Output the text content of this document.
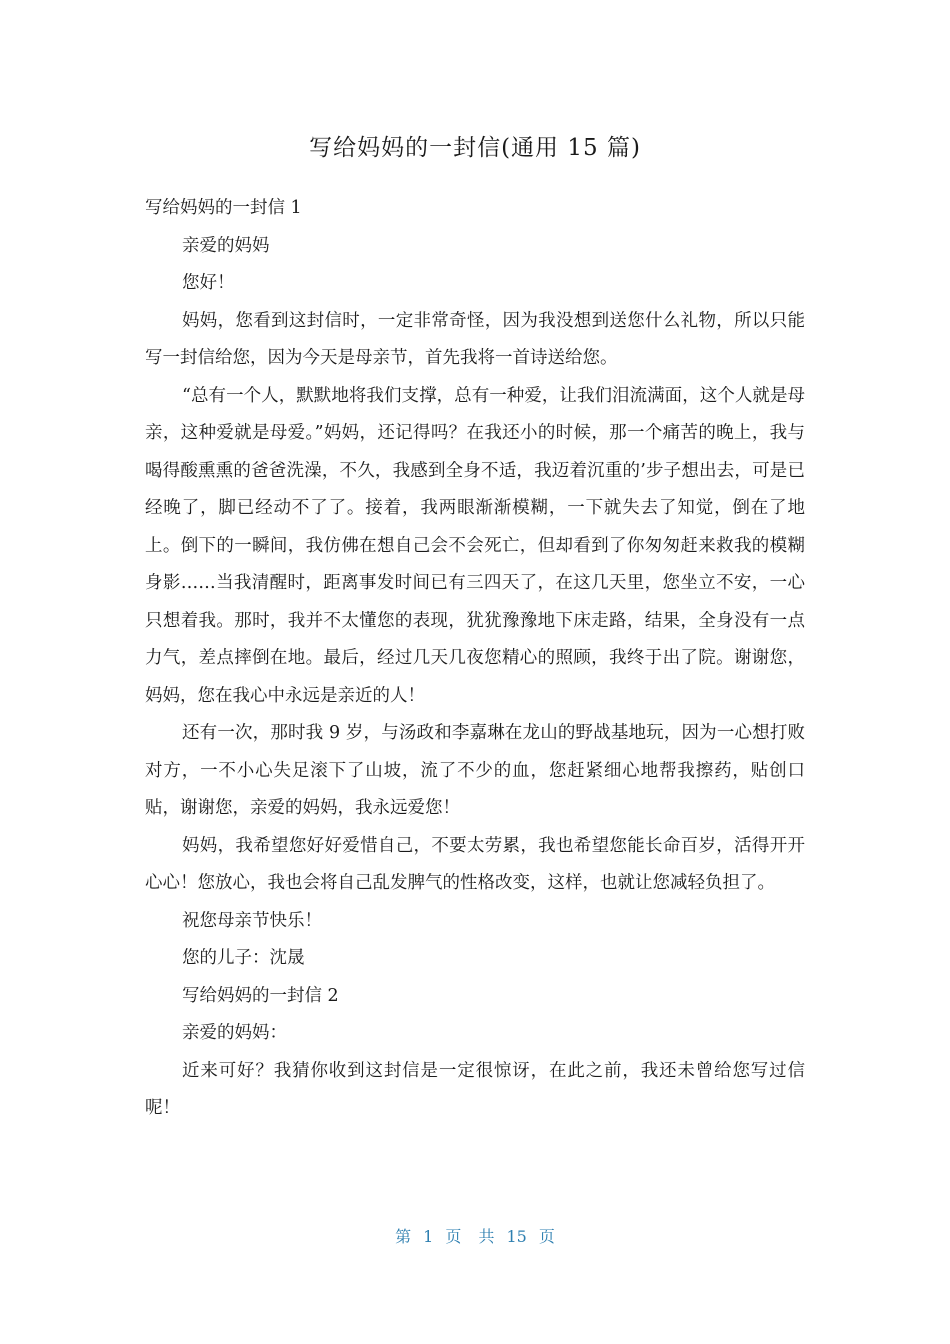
写给妈妈的一封信(通用 15 篇)

写给妈妈的一封信 1

亲爱的妈妈

您好！

妈妈，您看到这封信时，一定非常奇怪，因为我没想到送您什么礼物，所以只能写一封信给您，因为今天是母亲节，首先我将一首诗送给您。

“总有一个人，默默地将我们支撑，总有一种爱，让我们泪流满面，这个人就是母亲，这种爱就是母爱。”妈妈，还记得吗？在我还小的时候，那一个痛苦的晚上，我与喝得酸熏熏的爸爸洗澡，不久，我感到全身不适，我迈着沉重的’步子想出去，可是已经晚了，脚已经动不了了。接着，我两眼渐渐模糊，一下就失去了知觉，倒在了地上。倒下的一瞬间，我仿佛在想自己会不会死亡，但却看到了你匆匆赶来救我的模糊身影……当我清醒时，距离事发时间已有三四天了，在这几天里，您坐立不安，一心只想着我。那时，我并不太懂您的表现，犹犹豫豫地下床走路，结果，全身没有一点力气，差点摔倒在地。最后，经过几天几夜您精心的照顾，我终于出了院。谢谢您，妈妈，您在我心中永远是亲近的人！

还有一次，那时我 9 岁，与汤政和李嘉琳在龙山的野战基地玩，因为一心想打败对方，一不小心失足滚下了山坡，流了不少的血，您赶紧细心地帮我擦药，贴创口贴，谢谢您，亲爱的妈妈，我永远爱您！

妈妈，我希望您好好爱惜自己，不要太劳累，我也希望您能长命百岁，活得开开心心！您放心，我也会将自己乱发脾气的性格改变，这样，也就让您减轻负担了。

祝您母亲节快乐！

您的儿子：沈晟

写给妈妈的一封信 2

亲爱的妈妈：

近来可好？我猜你收到这封信是一定很惊讶，在此之前，我还未曾给您写过信呢！

第 1 页 共 15 页
